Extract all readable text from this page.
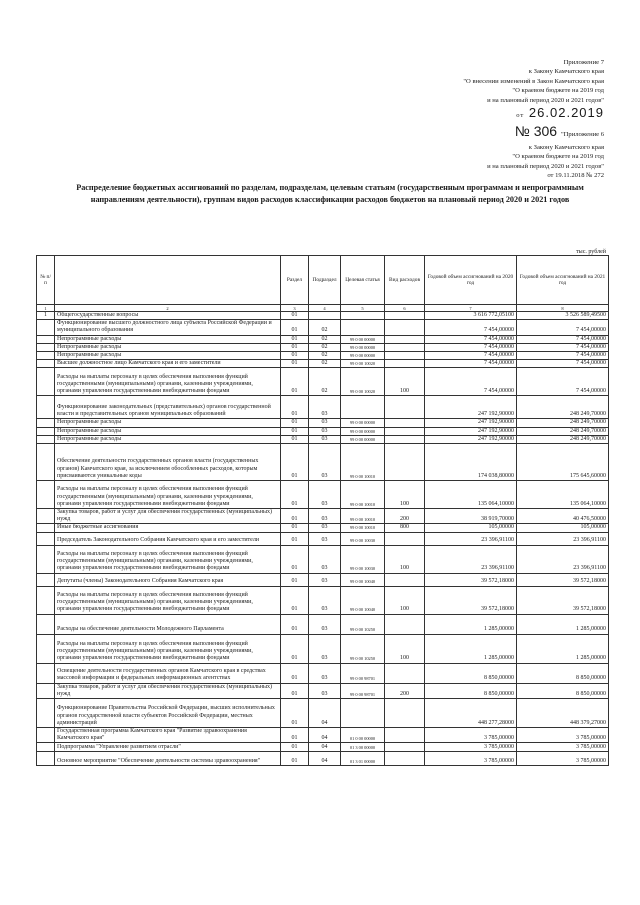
Приложение 7
к Закону Камчатского края
"О внесении изменений в Закон Камчатского края
"О краевом бюджете на 2019 год
и на плановый период 2020 и 2021 годов"
от 26.02.2019
№ 306 "Приложение 6
к Закону Камчатского края
"О краевом бюджете на 2019 год
и на плановый период 2020 и 2021 годов"
от 19.11.2018 № 272
Распределение бюджетных ассигнований по разделам, подразделам, целевым статьям (государственным программам и непрограммным направлениям деятельности), группам видов расходов классификации расходов бюджетов на плановый период 2020 и 2021 годов
тыс. рублей
№ п/п		Раздел	Подраздел	Целевая статья	Вид расходов	Годовой объем ассигнований на 2020 год	Годовой объем ассигнований на 2021 год
1	2	3	4	5	6	7	8
1	Общегосударственные вопросы	01				3 616 772,05100	3 526 589,49500
	Функционирование высшего должностного лица субъекта Российской Федерации и муниципального образования	01	02			7 454,00000	7 454,00000
	Непрограммные расходы	01	02	99 0 00 00000		7 454,00000	7 454,00000
	Непрограммные расходы	01	02	99 0 00 00000		7 454,00000	7 454,00000
	Непрограммные расходы	01	02	99 0 00 00000		7 454,00000	7 454,00000
	Высшее должностное лицо Камчатского края и его заместители	01	02	99 0 00 10020		7 454,00000	7 454,00000
	Расходы на выплаты персоналу в целях обеспечения выполнения функций государственными (муниципальными) органами, казенными учреждениями, органами управления государственными внебюджетными фондами	01	02	99 0 00 10020	100	7 454,00000	7 454,00000
	Функционирование законодательных (представительных) органов государственной власти и представительных органов муниципальных образований	01	03			247 192,90000	248 249,70000
	Непрограммные расходы	01	03	99 0 00 00000		247 192,90000	248 249,70000
	Непрограммные расходы	01	03	99 0 00 00000		247 192,90000	248 249,70000
	Непрограммные расходы	01	03	99 0 00 00000		247 192,90000	248 249,70000
	Обеспечение деятельности государственных органов власти (государственных органов) Камчатского края, за исключением обособленных расходов, которым присваиваются уникальные коды	01	03	99 0 00 10010		174 038,80000	175 645,60000
	Расходы на выплаты персоналу в целях обеспечения выполнения функций государственными (муниципальными) органами, казенными учреждениями, органами управления государственными внебюджетными фондами	01	03	99 0 00 10010	100	135 064,10000	135 064,10000
	Закупка товаров, работ и услуг для обеспечения государственных (муниципальных) нужд	01	03	99 0 00 10010	200	38 919,70000	40 476,50000
	Иные бюджетные ассигнования	01	03	99 0 00 10010	800	105,00000	105,00000
	Председатель Законодательного Собрания Камчатского края и его заместители	01	03	99 0 00 10030		23 396,91100	23 396,91100
	Расходы на выплаты персоналу в целях обеспечения выполнения функций государственными (муниципальными) органами, казенными учреждениями, органами управления государственными внебюджетными фондами	01	03	99 0 00 10030	100	23 396,91100	23 396,91100
	Депутаты (члены) Законодательного Собрания Камчатского края	01	03	99 0 00 10040		39 572,18000	39 572,18000
	Расходы на выплаты персоналу в целях обеспечения выполнения функций государственными (муниципальными) органами, казенными учреждениями, органами управления государственными внебюджетными фондами	01	03	99 0 00 10040	100	39 572,18000	39 572,18000
	Расходы на обеспечение деятельности Молодежного Парламента	01	03	99 0 00 10250		1 285,00000	1 285,00000
	Расходы на выплаты персоналу в целях обеспечения выполнения функций государственными (муниципальными) органами, казенными учреждениями, органами управления государственными внебюджетными фондами	01	03	99 0 00 10250	100	1 285,00000	1 285,00000
	Освещение деятельности государственных органов Камчатского края в средствах массовой информации и федеральных информационных агентствах	01	03	99 0 00 98701		8 850,00000	8 850,00000
	Закупка товаров, работ и услуг для обеспечения государственных (муниципальных) нужд	01	03	99 0 00 98701	200	8 850,00000	8 850,00000
	Функционирование Правительства Российской Федерации, высших исполнительных органов государственной власти субъектов Российской Федерации, местных администраций	01	04			448 277,28000	448 379,27000
	Государственная программа Камчатского края "Развитие здравоохранения Камчатского края"	01	04	01 0 00 00000		3 785,00000	3 785,00000
	Подпрограмма "Управление развитием отрасли"	01	04	01 3 00 00000		3 785,00000	3 785,00000
	Основное мероприятие "Обеспечение деятельности системы здравоохранения"	01	04	01 3 01 00000		3 785,00000	3 785,00000
